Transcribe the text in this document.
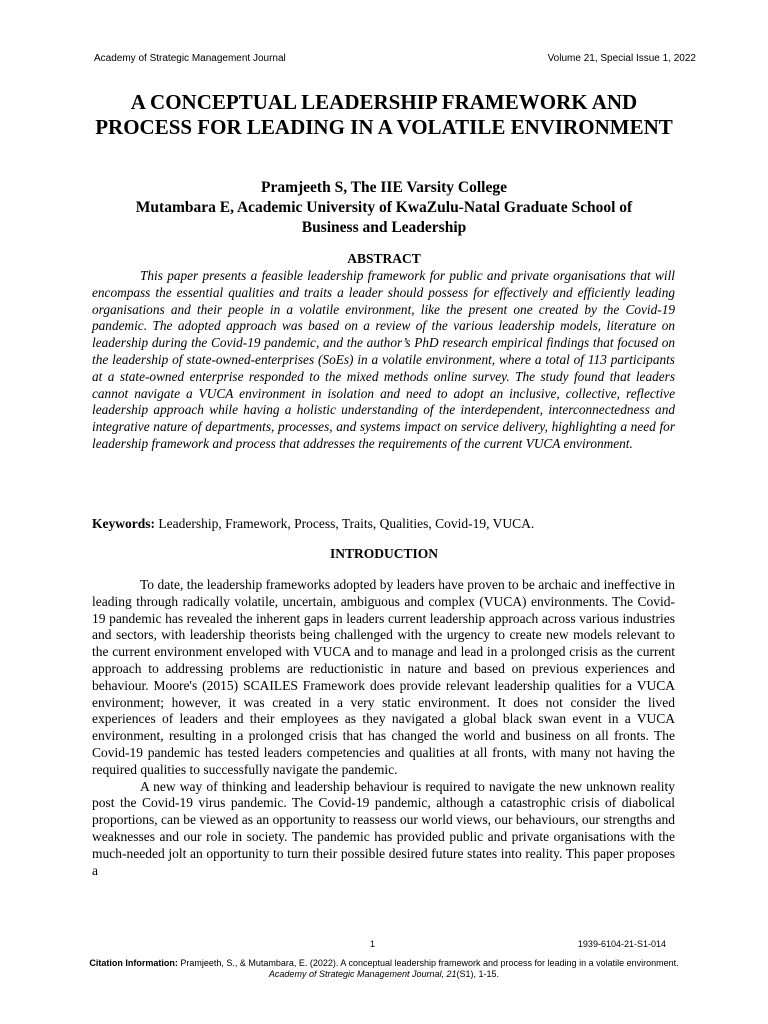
Academy of Strategic Management Journal	Volume 21, Special Issue 1, 2022
A CONCEPTUAL LEADERSHIP FRAMEWORK AND PROCESS FOR LEADING IN A VOLATILE ENVIRONMENT
Pramjeeth S, The IIE Varsity College
Mutambara E, Academic University of KwaZulu-Natal Graduate School of
Business and Leadership
ABSTRACT

This paper presents a feasible leadership framework for public and private organisations that will encompass the essential qualities and traits a leader should possess for effectively and efficiently leading organisations and their people in a volatile environment, like the present one created by the Covid-19 pandemic. The adopted approach was based on a review of the various leadership models, literature on leadership during the Covid-19 pandemic, and the author’s PhD research empirical findings that focused on the leadership of state-owned-enterprises (SoEs) in a volatile environment, where a total of 113 participants at a state-owned enterprise responded to the mixed methods online survey. The study found that leaders cannot navigate a VUCA environment in isolation and need to adopt an inclusive, collective, reflective leadership approach while having a holistic understanding of the interdependent, interconnectedness and integrative nature of departments, processes, and systems impact on service delivery, highlighting a need for leadership framework and process that addresses the requirements of the current VUCA environment.

Keywords: Leadership, Framework, Process, Traits, Qualities, Covid-19, VUCA.

INTRODUCTION

To date, the leadership frameworks adopted by leaders have proven to be archaic and ineffective in leading through radically volatile, uncertain, ambiguous and complex (VUCA) environments. The Covid-19 pandemic has revealed the inherent gaps in leaders current leadership approach across various industries and sectors, with leadership theorists being challenged with the urgency to create new models relevant to the current environment enveloped with VUCA and to manage and lead in a prolonged crisis as the current approach to addressing problems are reductionistic in nature and based on previous experiences and behaviour. Moore's (2015) SCAILES Framework does provide relevant leadership qualities for a VUCA environment; however, it was created in a very static environment. It does not consider the lived experiences of leaders and their employees as they navigated a global black swan event in a VUCA environment, resulting in a prolonged crisis that has changed the world and business on all fronts. The Covid-19 pandemic has tested leaders competencies and qualities at all fronts, with many not having the required qualities to successfully navigate the pandemic.

A new way of thinking and leadership behaviour is required to navigate the new unknown reality post the Covid-19 virus pandemic. The Covid-19 pandemic, although a catastrophic crisis of diabolical proportions, can be viewed as an opportunity to reassess our world views, our behaviours, our strengths and weaknesses and our role in society. The pandemic has provided public and private organisations with the much-needed jolt an opportunity to turn their possible desired future states into reality. This paper proposes a

1	1939-6104-21-S1-014
Citation Information: Pramjeeth, S., & Mutambara, E. (2022). A conceptual leadership framework and process for leading in a volatile environment. Academy of Strategic Management Journal, 21(S1), 1-15.
